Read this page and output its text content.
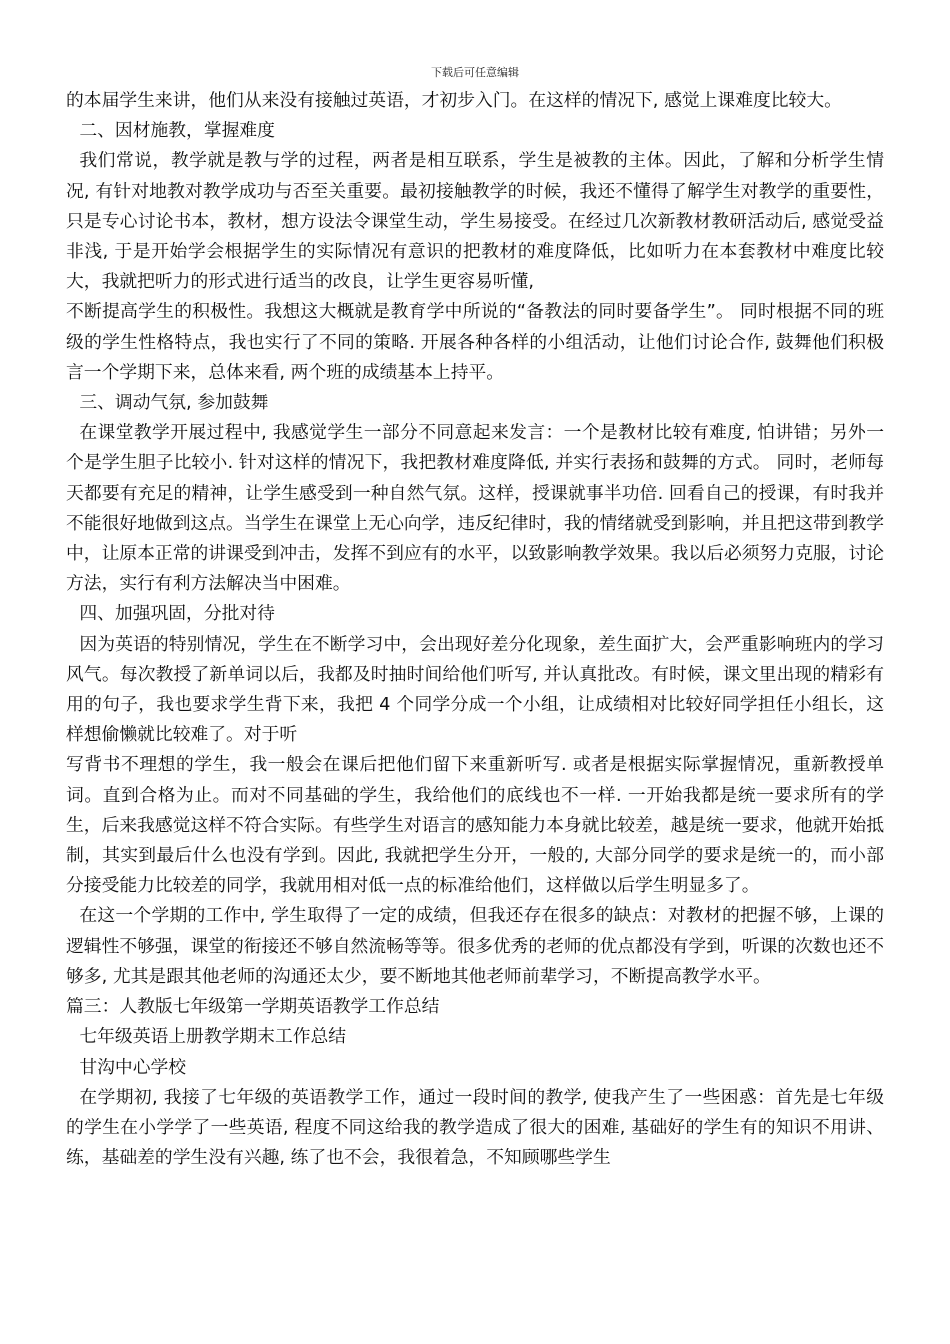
下载后可任意编辑

的本届学生来讲，他们从来没有接触过英语，才初步入门。在这样的情况下, 感觉上课难度比较大。

二、因材施教，掌握难度

我们常说，教学就是教与学的过程，两者是相互联系，学生是被教的主体。因此，了解和分析学生情况, 有针对地教对教学成功与否至关重要。最初接触教学的时候，我还不懂得了解学生对教学的重要性，只是专心讨论书本，教材，想方设法令课堂生动，学生易接受。在经过几次新教材教研活动后, 感觉受益非浅, 于是开始学会根据学生的实际情况有意识的把教材的难度降低，比如听力在本套教材中难度比较大，我就把听力的形式进行适当的改良，让学生更容易听懂,

不断提高学生的积极性。我想这大概就是教育学中所说的“备教法的同时要备学生”。 同时根据不同的班级的学生性格特点，我也实行了不同的策略. 开展各种各样的小组活动，让他们讨论合作, 鼓舞他们积极言一个学期下来，总体来看, 两个班的成绩基本上持平。

三、调动气氛, 参加鼓舞

在课堂教学开展过程中, 我感觉学生一部分不同意起来发言：一个是教材比较有难度, 怕讲错；另外一个是学生胆子比较小. 针对这样的情况下，我把教材难度降低, 并实行表扬和鼓舞的方式。 同时，老师每天都要有充足的精神，让学生感受到一种自然气氛。这样，授课就事半功倍. 回看自己的授课，有时我并不能很好地做到这点。当学生在课堂上无心向学，违反纪律时，我的情绪就受到影响，并且把这带到教学中，让原本正常的讲课受到冲击，发挥不到应有的水平，以致影响教学效果。我以后必须努力克服，讨论方法，实行有利方法解决当中困难。

四、加强巩固，分批对待

因为英语的特别情况，学生在不断学习中，会出现好差分化现象，差生面扩大，会严重影响班内的学习风气。每次教授了新单词以后，我都及时抽时间给他们听写, 并认真批改。有时候，课文里出现的精彩有用的句子，我也要求学生背下来，我把 4 个同学分成一个小组，让成绩相对比较好同学担任小组长，这样想偷懒就比较难了。对于听

写背书不理想的学生，我一般会在课后把他们留下来重新听写. 或者是根据实际掌握情况，重新教授单词。直到合格为止。而对不同基础的学生，我给他们的底线也不一样. 一开始我都是统一要求所有的学生，后来我感觉这样不符合实际。有些学生对语言的感知能力本身就比较差，越是统一要求，他就开始抵制，其实到最后什么也没有学到。因此, 我就把学生分开，一般的, 大部分同学的要求是统一的，而小部分接受能力比较差的同学，我就用相对低一点的标准给他们，这样做以后学生明显多了。

在这一个学期的工作中, 学生取得了一定的成绩，但我还存在很多的缺点：对教材的把握不够，上课的逻辑性不够强，课堂的衔接还不够自然流畅等等。很多优秀的老师的优点都没有学到，听课的次数也还不够多, 尤其是跟其他老师的沟通还太少，要不断地其他老师前辈学习，不断提高教学水平。

篇三：人教版七年级第一学期英语教学工作总结

七年级英语上册教学期末工作总结

甘沟中心学校

在学期初, 我接了七年级的英语教学工作，通过一段时间的教学, 使我产生了一些困惑：首先是七年级的学生在小学学了一些英语, 程度不同这给我的教学造成了很大的困难, 基础好的学生有的知识不用讲、练，基础差的学生没有兴趣, 练了也不会，我很着急，不知顾哪些学生
